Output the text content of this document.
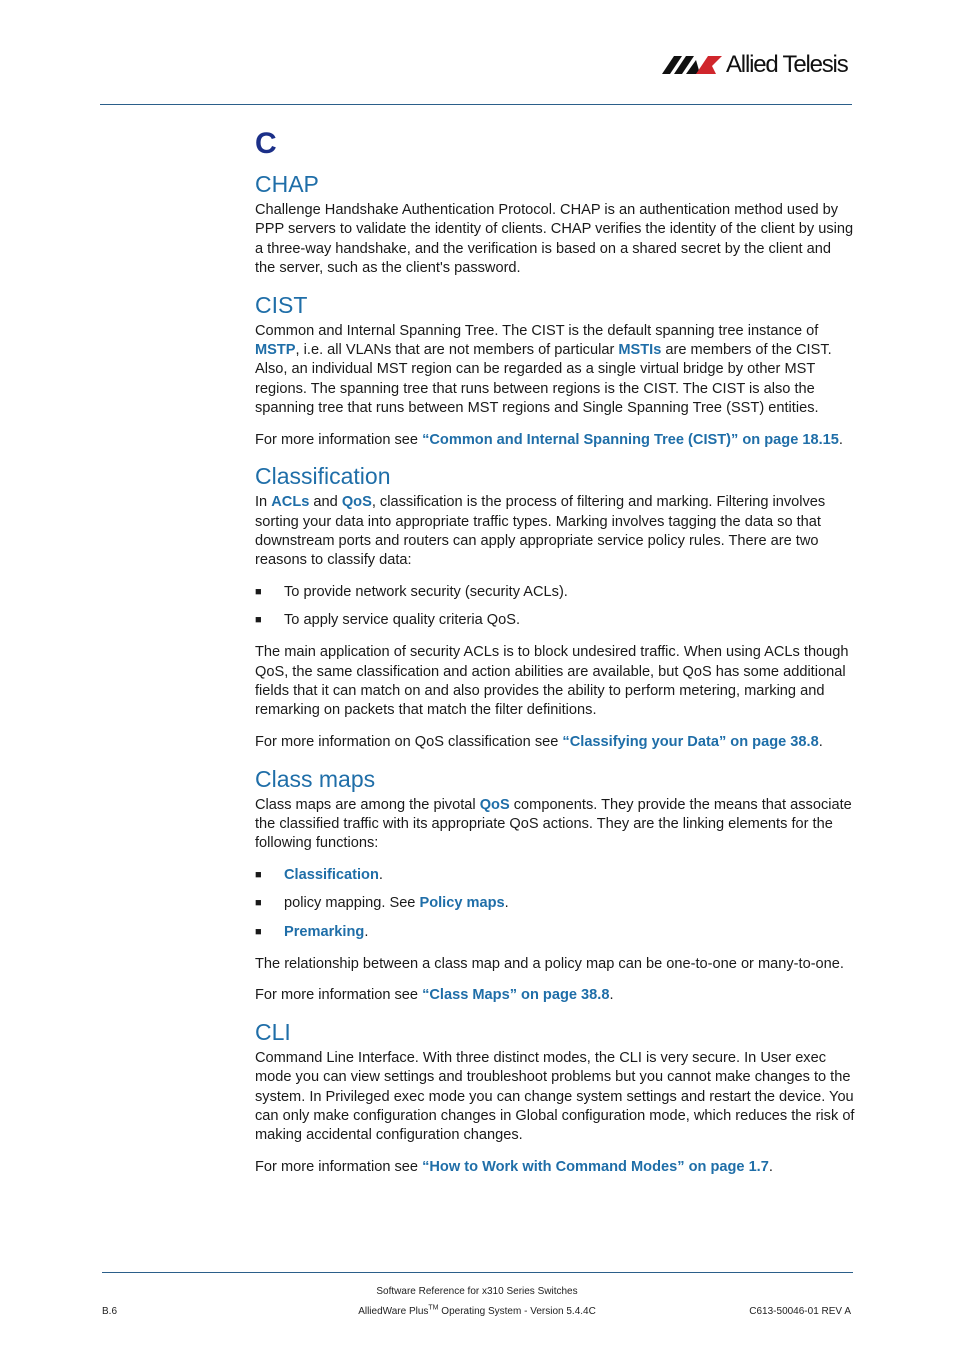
Allied Telesis
C
CHAP

Challenge Handshake Authentication Protocol. CHAP is an authentication method used by PPP servers to validate the identity of clients. CHAP verifies the identity of the client by using a three-way handshake, and the verification is based on a shared secret by the client and the server, such as the client's password.

CIST

Common and Internal Spanning Tree. The CIST is the default spanning tree instance of MSTP, i.e. all VLANs that are not members of particular MSTIs are members of the CIST. Also, an individual MST region can be regarded as a single virtual bridge by other MST regions. The spanning tree that runs between regions is the CIST. The CIST is also the spanning tree that runs between MST regions and Single Spanning Tree (SST) entities.

For more information see “Common and Internal Spanning Tree (CIST)” on page 18.15.

Classification

In ACLs and QoS, classification is the process of filtering and marking. Filtering involves sorting your data into appropriate traffic types. Marking involves tagging the data so that downstream ports and routers can apply appropriate service policy rules. There are two reasons to classify data:

■ To provide network security (security ACLs).
■ To apply service quality criteria QoS.

The main application of security ACLs is to block undesired traffic. When using ACLs though QoS, the same classification and action abilities are available, but QoS has some additional fields that it can match on and also provides the ability to perform metering, marking and remarking on packets that match the filter definitions.

For more information on QoS classification see “Classifying your Data” on page 38.8.

Class maps

Class maps are among the pivotal QoS components. They provide the means that associate the classified traffic with its appropriate QoS actions. They are the linking elements for the following functions:

■ Classification.
■ policy mapping. See Policy maps.
■ Premarking.

The relationship between a class map and a policy map can be one-to-one or many-to-one.

For more information see “Class Maps” on page 38.8.

CLI

Command Line Interface. With three distinct modes, the CLI is very secure. In User exec mode you can view settings and troubleshoot problems but you cannot make changes to the system. In Privileged exec mode you can change system settings and restart the device. You can only make configuration changes in Global configuration mode, which reduces the risk of making accidental configuration changes.

For more information see “How to Work with Command Modes” on page 1.7.

Software Reference for x310 Series Switches
AlliedWare Plus™ Operating System - Version 5.4.4C
B.6	C613-50046-01 REV A
